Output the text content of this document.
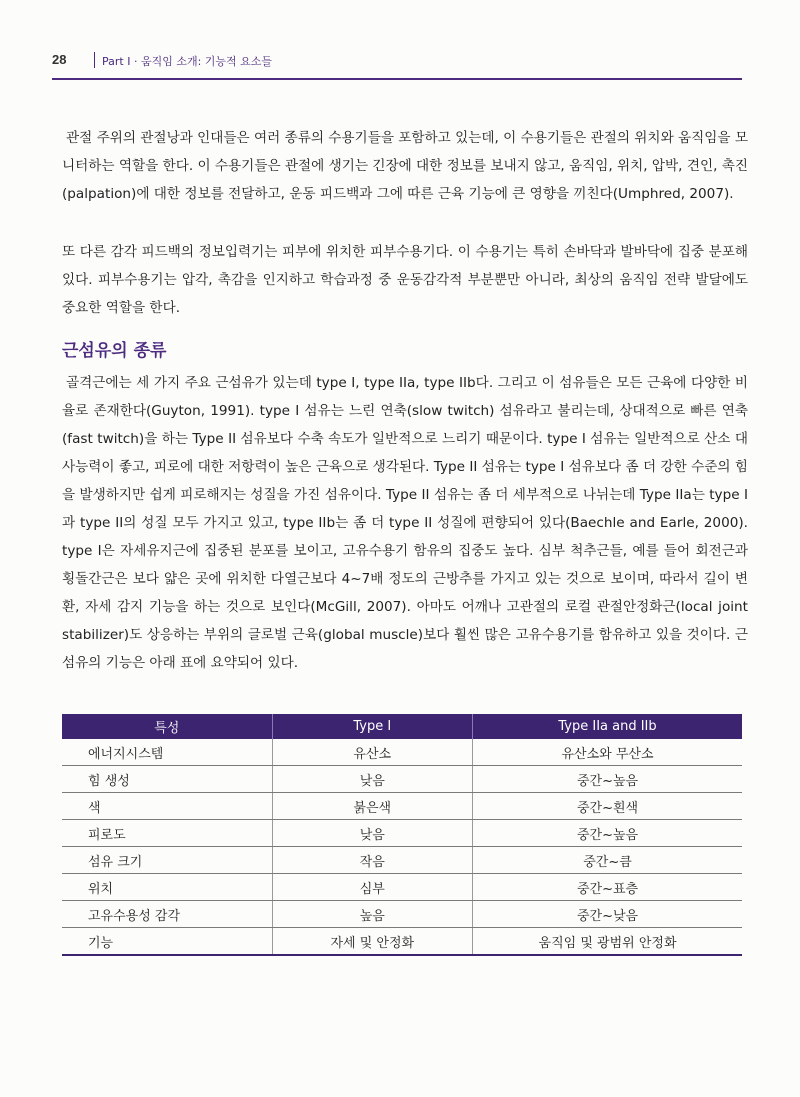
28	Part I · 움직임 소개: 기능적 요소들

관절 주위의 관절낭과 인대들은 여러 종류의 수용기들을 포함하고 있는데, 이 수용기들은 관절의 위치와 움직임을 모니터하는 역할을 한다. 이 수용기들은 관절에 생기는 긴장에 대한 정보를 보내지 않고, 움직임, 위치, 압박, 견인, 촉진(palpation)에 대한 정보를 전달하고, 운동 피드백과 그에 따른 근육 기능에 큰 영향을 끼친다(Umphred, 2007).

또 다른 감각 피드백의 정보입력기는 피부에 위치한 피부수용기다. 이 수용기는 특히 손바닥과 발바닥에 집중 분포해 있다. 피부수용기는 압각, 촉감을 인지하고 학습과정 중 운동감각적 부분뿐만 아니라, 최상의 움직임 전략 발달에도 중요한 역할을 한다.

근섬유의 종류

골격근에는 세 가지 주요 근섬유가 있는데 type I, type IIa, type IIb다. 그리고 이 섬유들은 모든 근육에 다양한 비율로 존재한다(Guyton, 1991). type I 섬유는 느린 연축(slow twitch) 섬유라고 불리는데, 상대적으로 빠른 연축(fast twitch)을 하는 Type II 섬유보다 수축 속도가 일반적으로 느리기 때문이다. type I 섬유는 일반적으로 산소 대사능력이 좋고, 피로에 대한 저항력이 높은 근육으로 생각된다. Type II 섬유는 type I 섬유보다 좀 더 강한 수준의 힘을 발생하지만 쉽게 피로해지는 성질을 가진 섬유이다. Type II 섬유는 좀 더 세부적으로 나뉘는데 Type IIa는 type I과 type II의 성질 모두 가지고 있고, type IIb는 좀 더 type II 성질에 편향되어 있다(Baechle and Earle, 2000). type I은 자세유지근에 집중된 분포를 보이고, 고유수용기 함유의 집중도 높다. 심부 척추근들, 예를 들어 회전근과 횡돌간근은 보다 얇은 곳에 위치한 다열근보다 4~7배 정도의 근방추를 가지고 있는 것으로 보이며, 따라서 길이 변환, 자세 감지 기능을 하는 것으로 보인다(McGill, 2007). 아마도 어깨나 고관절의 로컬 관절안정화근(local joint stabilizer)도 상응하는 부위의 글로벌 근육(global muscle)보다 훨씬 많은 고유수용기를 함유하고 있을 것이다. 근섬유의 기능은 아래 표에 요약되어 있다.

특성	Type I	Type IIa and IIb
에너지시스템	유산소	유산소와 무산소
힘 생성	낮음	중간~높음
색	붉은색	중간~흰색
피로도	낮음	중간~높음
섬유 크기	작음	중간~큼
위치	심부	중간~표층
고유수용성 감각	높음	중간~낮음
기능	자세 및 안정화	움직임 및 광범위 안정화
